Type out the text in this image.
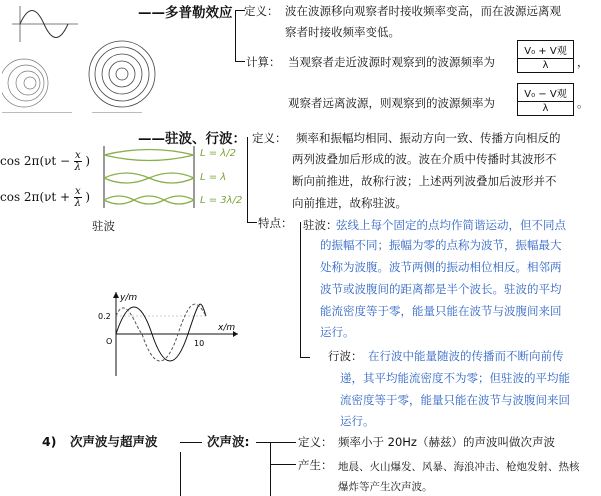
——多普勒效应 定义： 波在波源移向观察者时接收频率变高，而在波源远离观
察者时接收频率变低。
计算： 当观察者走近波源时观察到的波源频率为
V₀ + V观
λ	，
观察者远离波源，则观察到的波源频率为
V₀ − V观
λ	。
$\cos 2\pi(\nu t - \frac{x}{\lambda}$ )
$\cos 2\pi(\nu t + \frac{x}{\lambda}$ )
L = λ/2
L = λ
L = 3λ/2
驻波
——驻波、行波： 定义： 频率和振幅均相同、振动方向一致、传播方向相反的
两列波叠加后形成的波。波在介质中传播时其波形不
断向前推进，故称行波；上述两列波叠加后波形并不
向前推进，故称驻波。
特点： 驻波：
弦线上每个固定的点均作简谐运动，但不同点
的振幅不同；振幅为零的点称为波节，振幅最大
处称为波腹。波节两侧的振动相位相反。相邻两
波节或波腹间的距离都是半个波长。驻波的平均
能流密度等于零，能量只能在波节与波腹间来回
运行。
行波： 在行波中能量随波的传播而不断向前传
递，其平均能流密度不为零；但驻波的平均能
流密度等于零，能量只能在波节与波腹间来回
运行。
y/m
0.2
O	10
x/m
4) 次声波与超声波	次声波:	定义： 频率小于 20Hz（赫兹）的声波叫做次声波
产生： 地晨、火山爆发、风暴、海浪冲击、枪炮发射、热核
爆炸等产生次声波。
